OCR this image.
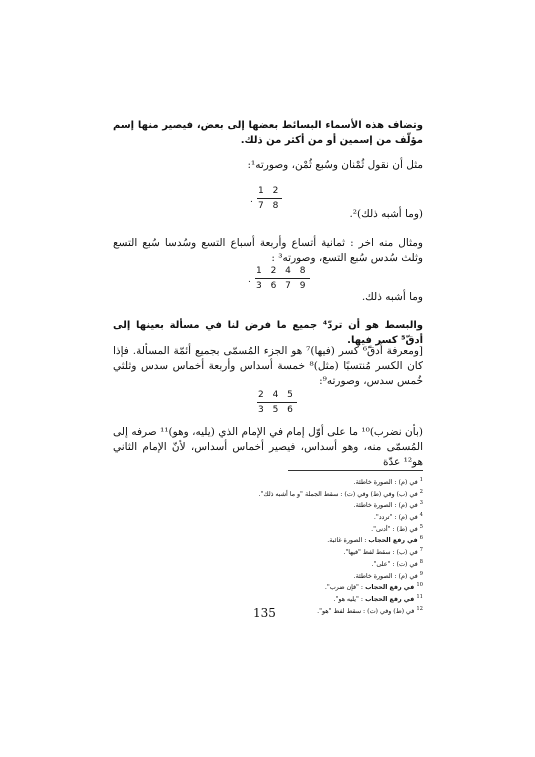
وتضاف هذه الأسماء البسائط بعضها إلى بعض، فيصير منها إسم مؤلّف من إسمين أو من أكثر من ذلك.
مثل أن نقول ثُمْنان وسُبع ثُمْن، وصورته¹:
.
1 2
7 8
(وما أشبه ذلك)².
ومثال منه اخر : ثمانية أتساع وأربعة أسباع التسع وسُدسا سُبع التسع وثلث سُدس سُبع التسع، وصورته³ :
.
1 2 4 8
3 6 7 9
وما أشبه ذلك.
والبسط هو أن تردّ⁴ جميع ما فرض لنا في مسألة بعينها إلى أدقّ⁵ كسر فيها.
[ومعرفة أدقّ⁶ كسر (فيها)⁷ هو الجزء المُسمّى بجميع أئمّة المسألة. فإذا كان الكسر مُنتسبًا (مثل)⁸ خمسة أسداس وأربعة أخماس سدس وثلثي خُمس سدس، وصورته⁹:
$\frac{2 4 5}{3 5 6}$
(بأن نضرب)¹⁰ ما على أوّل إمام في الإمام الذي (يليه، وهو)¹¹ صرفه إلى المُسمّى منه، وهو أسداس، فيصير أخماس أسداس، لأنّ الإمام الثاني هو¹² عدّة
$^1$ في (م) : الصورة خاطئة.
$^2$ في (ب) وفي (ط) وفي (ت) : سقط الجملة "و ما أشبه ذلك".
$^3$ في (م) : الصورة خاطئة.
$^4$ في (م) : "تردد".
$^5$ في (ط) : "أدنى".
$^6$ في رفع الحجاب : الصورة غائبة.
$^7$ في (ب) : سقط لفظ "فيها".
$^8$ في (ت) : "على".
$^9$ في (م) : الصورة خاطئة.
$^{10}$ في رفع الحجاب : "فإن ضرب".
$^{11}$ في رفع الحجاب : "يليه هو".
$^{12}$ في (ط) وفي (ت) : سقط لفظ "هو".
135
